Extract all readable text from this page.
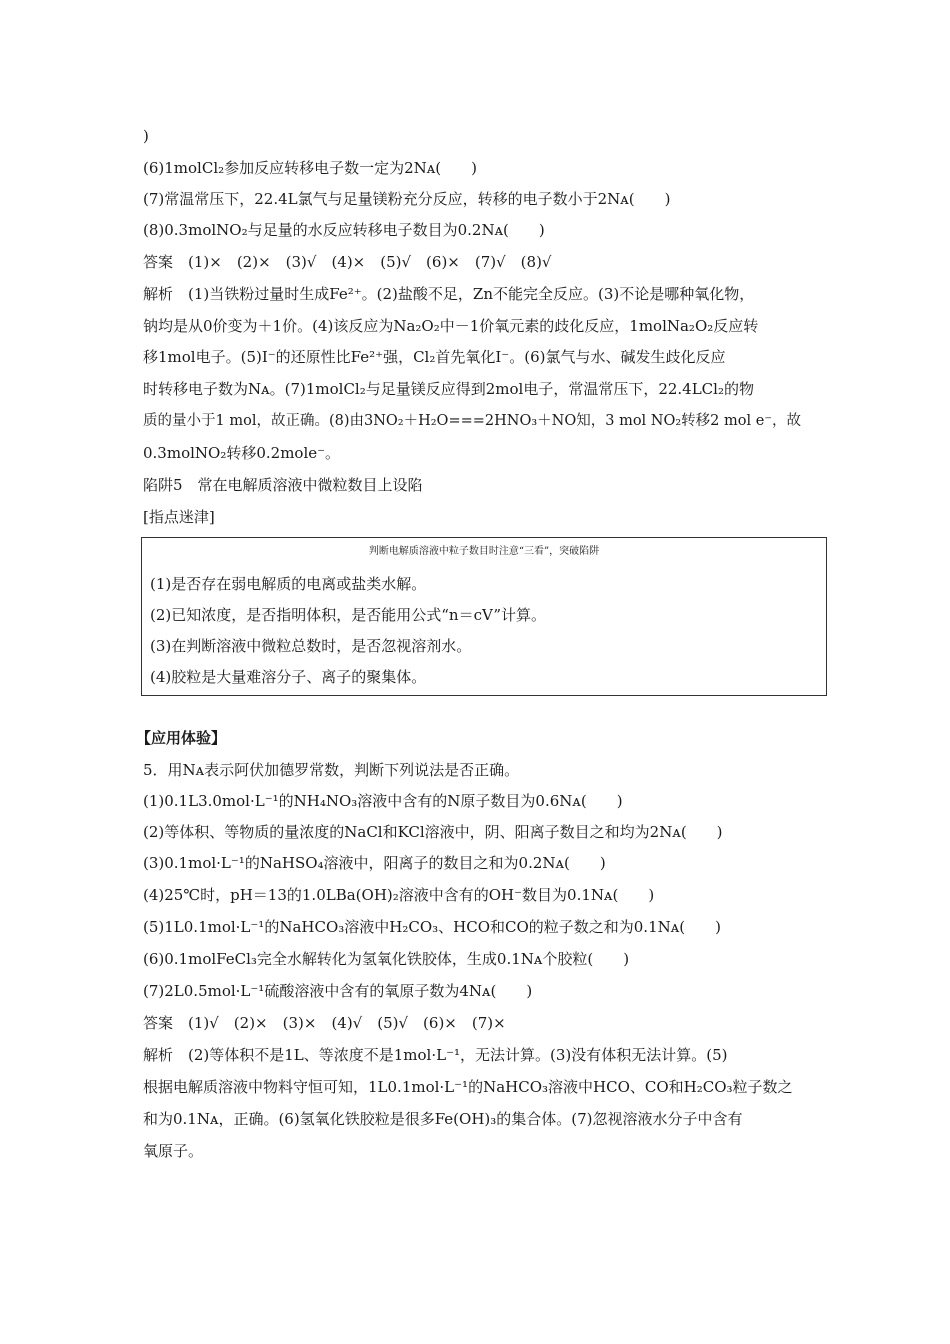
)
(6)1molCl₂参加反应转移电子数一定为2Nᴀ(　　)
(7)常温常压下，22.4L氯气与足量镁粉充分反应，转移的电子数小于2Nᴀ(　　)
(8)0.3molNO₂与足量的水反应转移电子数目为0.2Nᴀ(　　)
答案　(1)×　(2)×　(3)√　(4)×　(5)√　(6)×　(7)√　(8)√
解析　(1)当铁粉过量时生成Fe²⁺。(2)盐酸不足，Zn不能完全反应。(3)不论是哪种氧化物，
钠均是从0价变为＋1价。(4)该反应为Na₂O₂中－1价氧元素的歧化反应，1molNa₂O₂反应转
移1mol电子。(5)I⁻的还原性比Fe²⁺强，Cl₂首先氧化I⁻。(6)氯气与水、碱发生歧化反应
时转移电子数为Nᴀ。(7)1molCl₂与足量镁反应得到2mol电子，常温常压下，22.4LCl₂的物
质的量小于1 mol，故正确。(8)由3NO₂＋H₂O===2HNO₃＋NO知，3 mol NO₂转移2 mol e⁻，故
0.3molNO₂转移0.2mole⁻。
陷阱5　常在电解质溶液中微粒数目上设陷
[指点迷津]
判断电解质溶液中粒子数目时注意“三看”，突破陷阱
(1)是否存在弱电解质的电离或盐类水解。
(2)已知浓度，是否指明体积，是否能用公式“n＝cV”计算。
(3)在判断溶液中微粒总数时，是否忽视溶剂水。
(4)胶粒是大量难溶分子、离子的聚集体。
【应用体验】
5．用Nᴀ表示阿伏加德罗常数，判断下列说法是否正确。
(1)0.1L3.0mol·L⁻¹的NH₄NO₃溶液中含有的N原子数目为0.6Nᴀ(　　)
(2)等体积、等物质的量浓度的NaCl和KCl溶液中，阴、阳离子数目之和均为2Nᴀ(　　)
(3)0.1mol·L⁻¹的NaHSO₄溶液中，阳离子的数目之和为0.2Nᴀ(　　)
(4)25℃时，pH＝13的1.0LBa(OH)₂溶液中含有的OH⁻数目为0.1Nᴀ(　　)
(5)1L0.1mol·L⁻¹的NaHCO₃溶液中H₂CO₃、HCO和CO的粒子数之和为0.1Nᴀ(　　)
(6)0.1molFeCl₃完全水解转化为氢氧化铁胶体，生成0.1Nᴀ个胶粒(　　)
(7)2L0.5mol·L⁻¹硫酸溶液中含有的氧原子数为4Nᴀ(　　)
答案　(1)√　(2)×　(3)×　(4)√　(5)√　(6)×　(7)×
解析　(2)等体积不是1L、等浓度不是1mol·L⁻¹，无法计算。(3)没有体积无法计算。(5)
根据电解质溶液中物料守恒可知，1L0.1mol·L⁻¹的NaHCO₃溶液中HCO、CO和H₂CO₃粒子数之
和为0.1Nᴀ，正确。(6)氢氧化铁胶粒是很多Fe(OH)₃的集合体。(7)忽视溶液水分子中含有
氧原子。
